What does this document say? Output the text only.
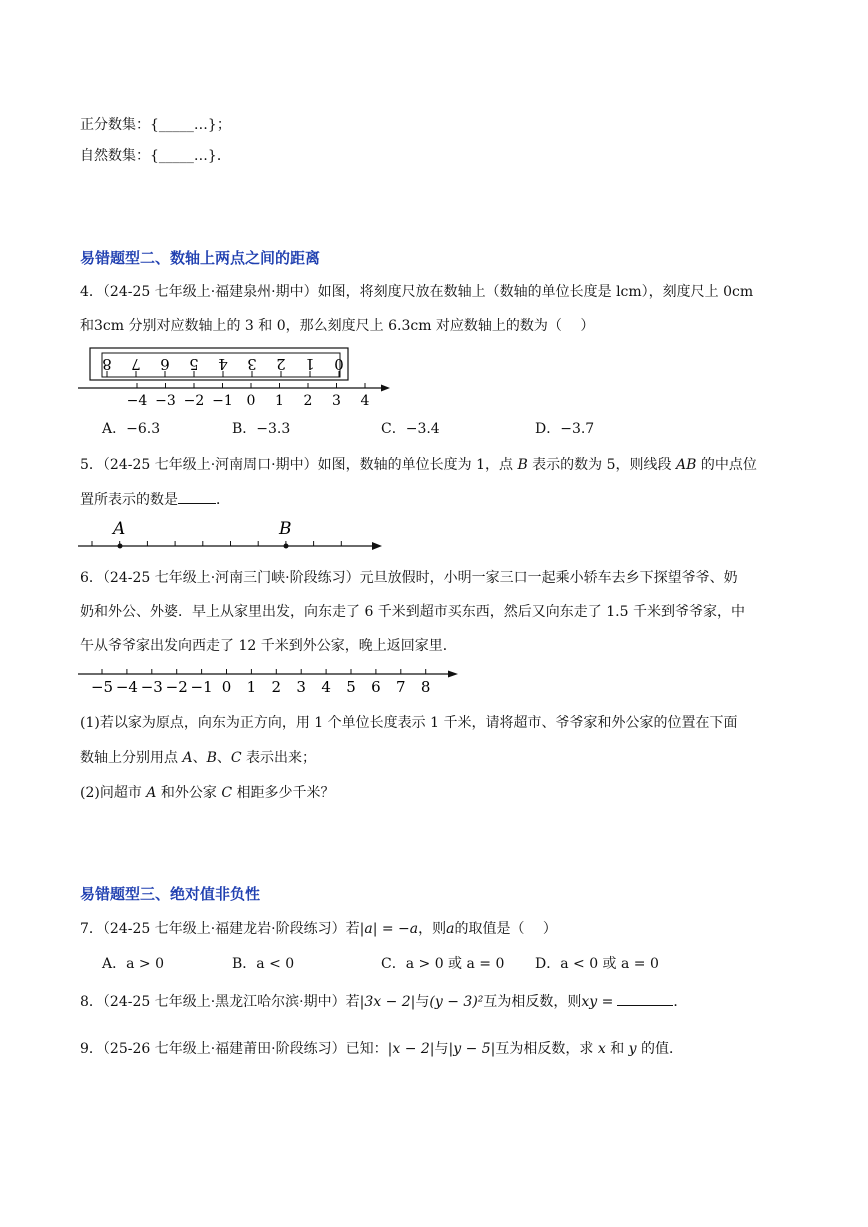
正分数集：{_____…}；
自然数集：{_____…}．
易错题型二、数轴上两点之间的距离
4．（24-25 七年级上·福建泉州·期中）如图，将刻度尺放在数轴上（数轴的单位长度是 lcm），刻度尺上 0cm
和3cm 分别对应数轴上的 3 和 0，那么刻度尺上 6.3cm 对应数轴上的数为（　 ）
8 7 6 5 4 3 2 1 0
−4 −3 −2 −1 0 1 2 3 4
A．−6.3	B．−3.3	C．−3.4	D．−3.7
5．（24-25 七年级上·河南周口·期中）如图，数轴的单位长度为 1，点 B 表示的数为 5，则线段 AB 的中点位
置所表示的数是	．
A	B
6．（24-25 七年级上·河南三门峡·阶段练习）元旦放假时，小明一家三口一起乘小轿车去乡下探望爷爷、奶
奶和外公、外婆．早上从家里出发，向东走了 6 千米到超市买东西，然后又向东走了 1.5 千米到爷爷家，中
午从爷爷家出发向西走了 12 千米到外公家，晚上返回家里．
−5 −4 −3 −2 −1 0 1 2 3 4 5 6 7 8
(1)若以家为原点，向东为正方向，用 1 个单位长度表示 1 千米，请将超市、爷爷家和外公家的位置在下面
数轴上分别用点 A、B、C 表示出来；
(2)问超市 A 和外公家 C 相距多少千米？
易错题型三、绝对值非负性
7．（24-25 七年级上·福建龙岩·阶段练习）若|a| = −a，则a的取值是（　 ）
A．a > 0	B．a < 0	C．a > 0 或 a = 0 D．a < 0 或 a = 0
8．（24-25 七年级上·黑龙江哈尔滨·期中）若|3x − 2|与(y − 3)²互为相反数，则xy =	．
9．（25-26 七年级上·福建莆田·阶段练习）已知：|x − 2|与|y − 5|互为相反数，求 x 和 y 的值．
